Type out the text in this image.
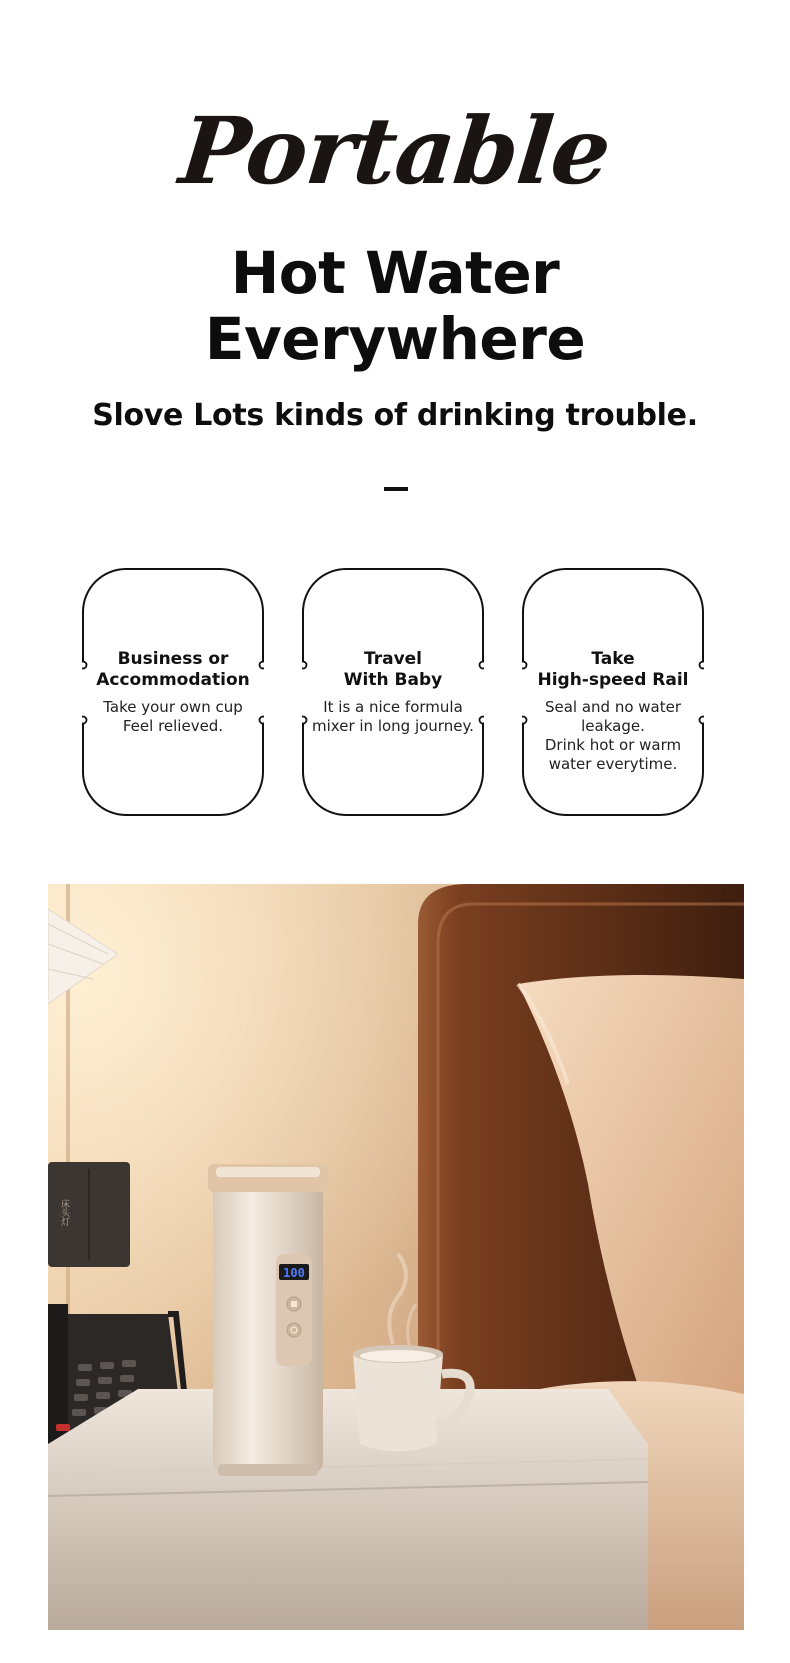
Portable
Hot Water
Everywhere
Slove Lots kinds of drinking trouble.
Business or
Accommodation
Take your own cup
Feel relieved.
Travel
With Baby
It is a nice formula
mixer in long journey.
Take
High-speed Rail
Seal and no water
leakage.
Drink hot or warm
water everytime.
床头灯
100
